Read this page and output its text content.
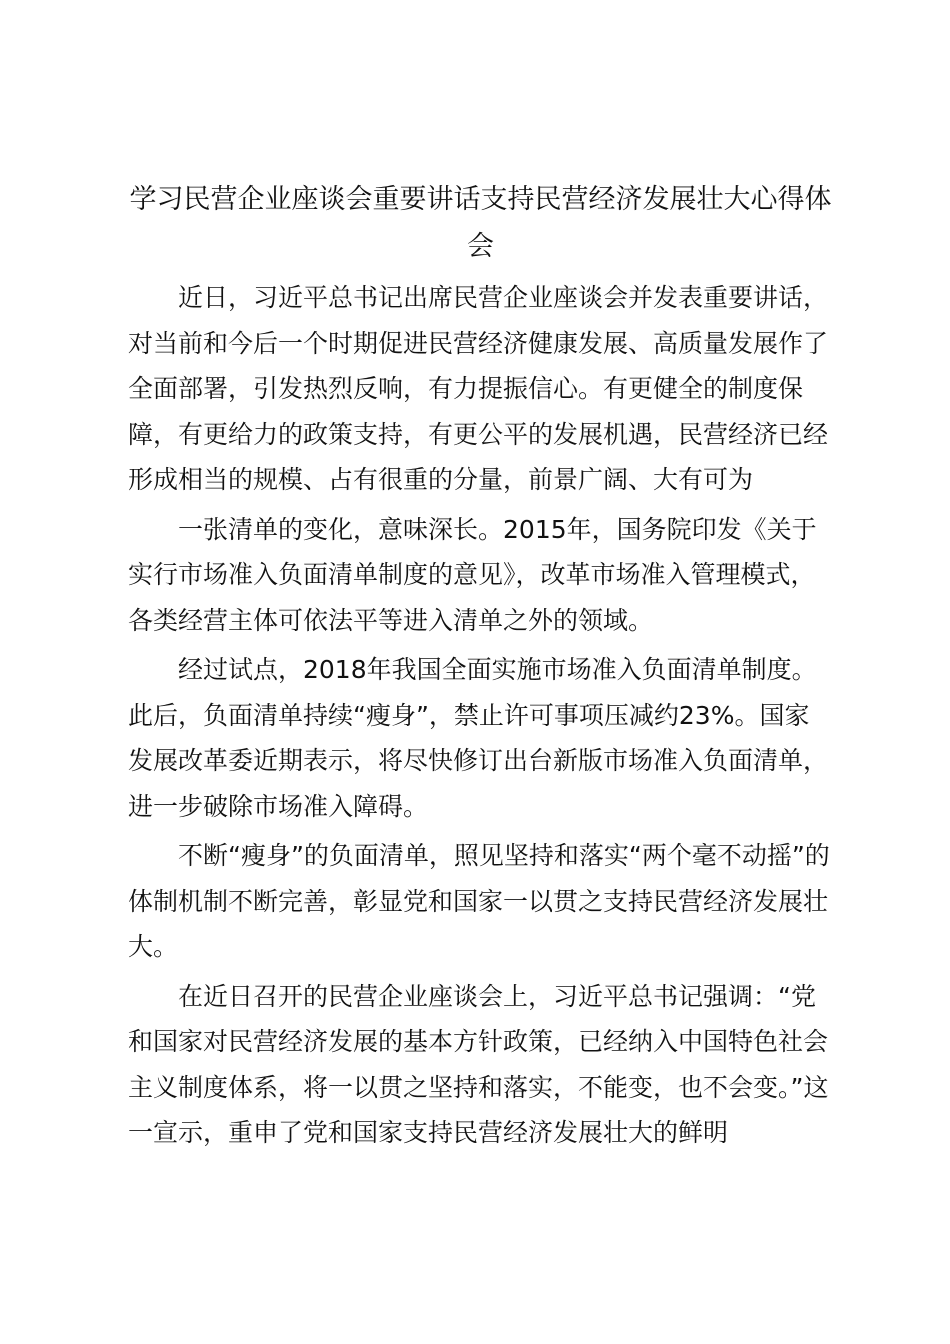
学习民营企业座谈会重要讲话支持民营经济发展壮大心得体会

近日，习近平总书记出席民营企业座谈会并发表重要讲话，对当前和今后一个时期促进民营经济健康发展、高质量发展作了全面部署，引发热烈反响，有力提振信心。有更健全的制度保障，有更给力的政策支持，有更公平的发展机遇，民营经济已经形成相当的规模、占有很重的分量，前景广阔、大有可为

一张清单的变化，意味深长。2015年，国务院印发《关于实行市场准入负面清单制度的意见》，改革市场准入管理模式，各类经营主体可依法平等进入清单之外的领域。

经过试点，2018年我国全面实施市场准入负面清单制度。此后，负面清单持续“瘦身”，禁止许可事项压减约23%。国家发展改革委近期表示，将尽快修订出台新版市场准入负面清单，进一步破除市场准入障碍。

不断“瘦身”的负面清单，照见坚持和落实“两个毫不动摇”的体制机制不断完善，彰显党和国家一以贯之支持民营经济发展壮大。

在近日召开的民营企业座谈会上，习近平总书记强调：“党和国家对民营经济发展的基本方针政策，已经纳入中国特色社会主义制度体系，将一以贯之坚持和落实，不能变，也不会变。”这一宣示，重申了党和国家支持民营经济发展壮大的鲜明
